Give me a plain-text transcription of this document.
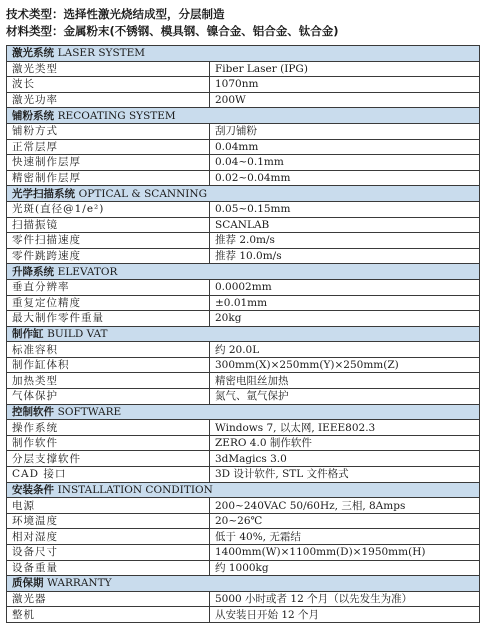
技术类型：选择性激光烧结成型，分层制造
材料类型：金属粉末(不锈钢、模具钢、镍合金、铝合金、钛合金)
激光系统 LASER SYSTEM	
激光类型	Fiber Laser (IPG)
波长	1070nm
激光功率	200W
铺粉系统 RECOATING SYSTEM	
铺粉方式	刮刀铺粉
正常层厚	0.04mm
快速制作层厚	0.04~0.1mm
精密制作层厚	0.02~0.04mm
光学扫描系统 OPTICAL & SCANNING	
光斑(直径@1/e²)	0.05~0.15mm
扫描振镜	SCANLAB
零件扫描速度	推荐 2.0m/s
零件跳跨速度	推荐 10.0m/s
升降系统 ELEVATOR	
垂直分辨率	0.0002mm
重复定位精度	±0.01mm
最大制作零件重量	20kg
制作缸 BUILD VAT	
标准容积	约 20.0L
制作缸体积	300mm(X)×250mm(Y)×250mm(Z)
加热类型	精密电阻丝加热
气体保护	氮气、氩气保护
控制软件 SOFTWARE	
操作系统	Windows 7, 以太网, IEEE802.3
制作软件	ZERO 4.0 制作软件
分层支撑软件	3dMagics 3.0
CAD 接口	3D 设计软件, STL 文件格式
安装条件 INSTALLATION CONDITION	
电源	200~240VAC 50/60Hz, 三相, 8Amps
环境温度	20~26℃
相对湿度	低于 40%, 无霜结
设备尺寸	1400mm(W)×1100mm(D)×1950mm(H)
设备重量	约 1000kg
质保期 WARRANTY	
激光器	5000 小时或者 12 个月（以先发生为准）
整机	从安装日开始 12 个月
